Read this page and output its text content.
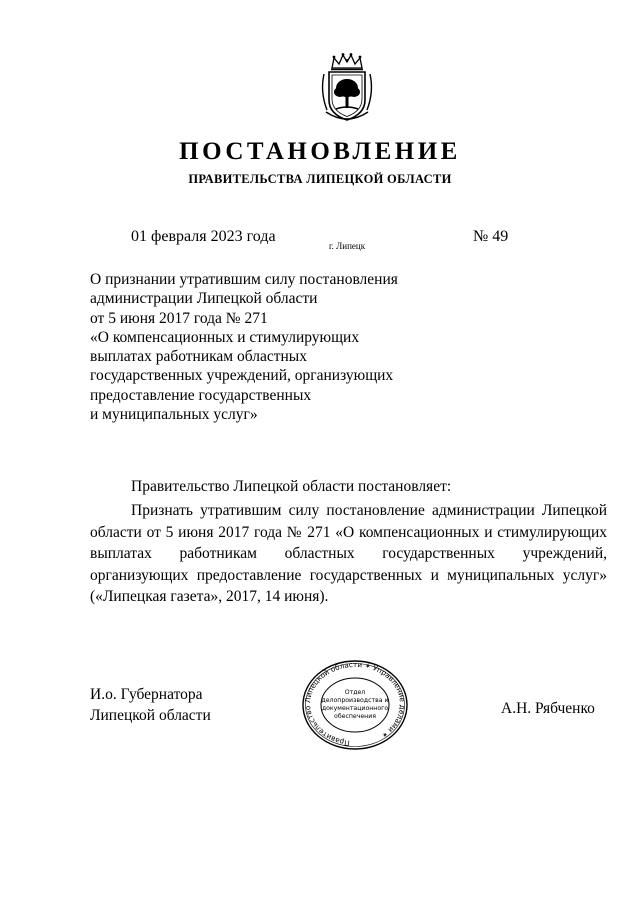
ПОСТАНОВЛЕНИЕ
ПРАВИТЕЛЬСТВА ЛИПЕЦКОЙ ОБЛАСТИ
01 февраля 2023 года
г. Липецк
№ 49
О признании утратившим силу постановления
администрации Липецкой области
от 5 июня 2017 года № 271
«О компенсационных и стимулирующих
выплатах работникам областных
государственных учреждений, организующих
предоставление государственных
и муниципальных услуг»
Правительство Липецкой области постановляет:
Признать утратившим силу постановление администрации Липецкой области от 5 июня 2017 года № 271 «О компенсационных и стимулирующих выплатах работникам областных государственных учреждений, организующих предоставление государственных и муниципальных услуг» («Липецкая газета», 2017, 14 июня).
И.о. Губернатора
Липецкой области	А.Н. Рябченко
Правительство Липецкой области ✶ Управление делами ✶
Отдел
делопроизводства и
документационного
обеспечения
